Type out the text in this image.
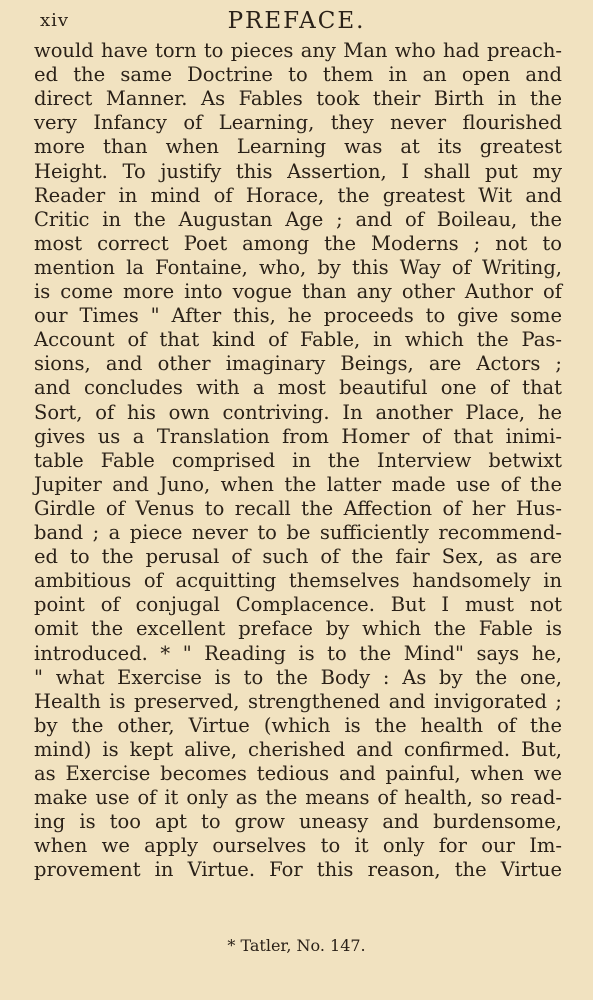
xiv	PREFACE.
would have torn to pieces any Man who had preach-
ed the same Doctrine to them in an open and
direct Manner. As Fables took their Birth in the
very Infancy of Learning, they never flourished
more than when Learning was at its greatest
Height. To justify this Assertion, I shall put my
Reader in mind of Horace, the greatest Wit and
Critic in the Augustan Age ; and of Boileau, the
most correct Poet among the Moderns ; not to
mention la Fontaine, who, by this Way of Writing,
is come more into vogue than any other Author of
our Times " After this, he proceeds to give some
Account of that kind of Fable, in which the Pas-
sions, and other imaginary Beings, are Actors ;
and concludes with a most beautiful one of that
Sort, of his own contriving. In another Place, he
gives us a Translation from Homer of that inimi-
table Fable comprised in the Interview betwixt
Jupiter and Juno, when the latter made use of the
Girdle of Venus to recall the Affection of her Hus-
band ; a piece never to be sufficiently recommend-
ed to the perusal of such of the fair Sex, as are
ambitious of acquitting themselves handsomely in
point of conjugal Complacence. But I must not
omit the excellent preface by which the Fable is
introduced. * " Reading is to the Mind" says he,
" what Exercise is to the Body : As by the one,
Health is preserved, strengthened and invigorated ;
by the other, Virtue (which is the health of the
mind) is kept alive, cherished and confirmed. But,
as Exercise becomes tedious and painful, when we
make use of it only as the means of health, so read-
ing is too apt to grow uneasy and burdensome,
when we apply ourselves to it only for our Im-
provement in Virtue. For this reason, the Virtue
* Tatler, No. 147.
